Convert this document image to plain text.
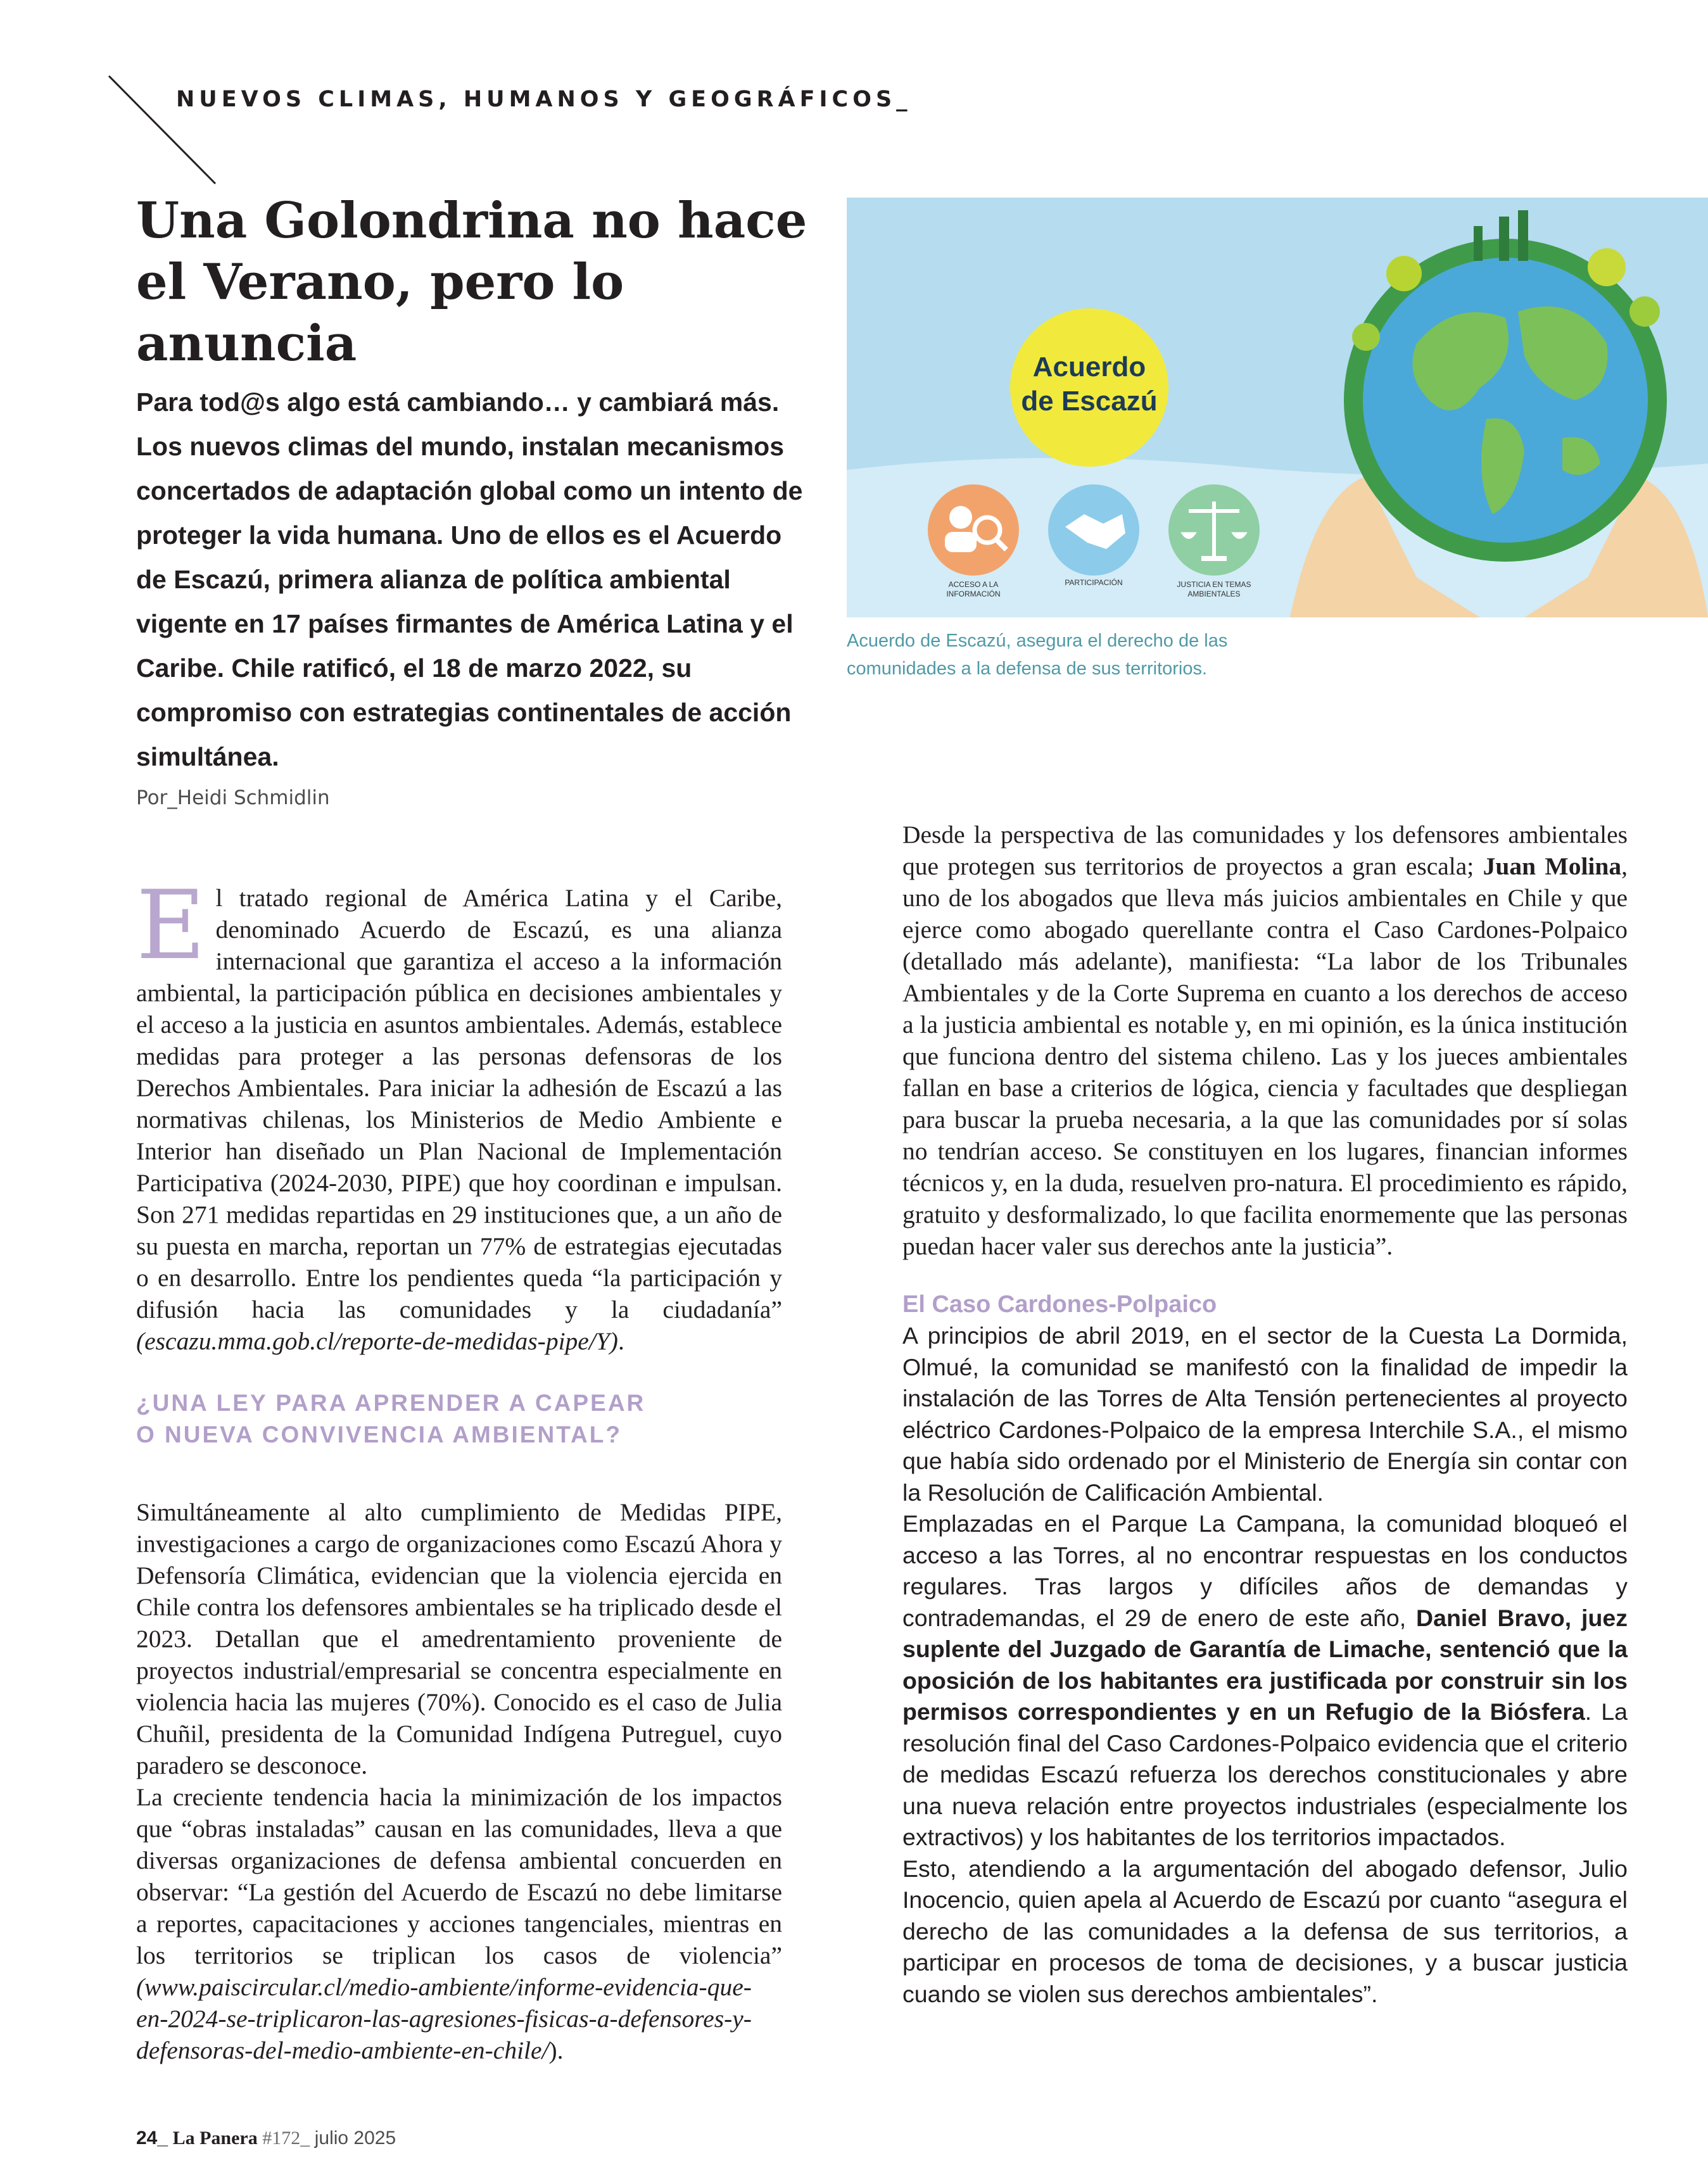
NUEVOS CLIMAS, HUMANOS Y GEOGRÁFICOS_
Una Golondrina no hace el Verano, pero lo anuncia
Para tod@s algo está cambiando… y cambiará más. Los nuevos climas del mundo, instalan mecanismos concertados de adaptación global como un intento de proteger la vida humana. Uno de ellos es el Acuerdo de Escazú, primera alianza de política ambiental vigente en 17 países firmantes de América Latina y el Caribe. Chile ratificó, el 18 de marzo 2022, su compromiso con estrategias continentales de acción simultánea.
Por_Heidi Schmidlin
Acuerdo
de Escazú
ACCESO A LA
INFORMACIÓN
PARTICIPACIÓN	JUSTICIA EN TEMAS
AMBIENTALES
Acuerdo de Escazú, asegura el derecho de las comunidades a la defensa de sus territorios.

El tratado regional de América Latina y el Caribe, denominado Acuerdo de Escazú, es una alianza internacional que garantiza el acceso a la información ambiental, la participación pública en decisiones ambientales y el acceso a la justicia en asuntos ambientales. Además, establece medidas para proteger a las personas defensoras de los Derechos Ambientales. Para iniciar la adhesión de Escazú a las normativas chilenas, los Ministerios de Medio Ambiente e Interior han diseñado un Plan Nacional de Implementación Participativa (2024-2030, PIPE) que hoy coordinan e impulsan. Son 271 medidas repartidas en 29 instituciones que, a un año de su puesta en marcha, reportan un 77% de estrategias ejecutadas o en desarrollo. Entre los pendientes queda “la participación y difusión hacia las comunidades y la ciudadanía” (escazu.mma.gob.cl/reporte-de-medidas-pipe/Y).

¿UNA LEY PARA APRENDER A CAPEAR O NUEVA CONVIVENCIA AMBIENTAL?

Simultáneamente al alto cumplimiento de Medidas PIPE, investigaciones a cargo de organizaciones como Escazú Ahora y Defensoría Climática, evidencian que la violencia ejercida en Chile contra los defensores ambientales se ha triplicado desde el 2023. Detallan que el amedrentamiento proveniente de proyectos industrial/empresarial se concentra especialmente en violencia hacia las mujeres (70%). Conocido es el caso de Julia Chuñil, presidenta de la Comunidad Indígena Putreguel, cuyo paradero se desconoce.

La creciente tendencia hacia la minimización de los impactos que “obras instaladas” causan en las comunidades, lleva a que diversas organizaciones de defensa ambiental concuerden en observar: “La gestión del Acuerdo de Escazú no debe limitarse a reportes, capacitaciones y acciones tangenciales, mientras en los territorios se triplican los casos de violencia” (www.paiscircular.cl/medio-ambiente/informe-evidencia-que-en-2024-se-triplicaron-las-agresiones-fisicas-a-defensores-y-defensoras-del-medio-ambiente-en-chile/).

Desde la perspectiva de las comunidades y los defensores ambientales que protegen sus territorios de proyectos a gran escala; Juan Molina, uno de los abogados que lleva más juicios ambientales en Chile y que ejerce como abogado querellante contra el Caso Cardones-Polpaico (detallado más adelante), manifiesta: “La labor de los Tribunales Ambientales y de la Corte Suprema en cuanto a los derechos de acceso a la justicia ambiental es notable y, en mi opinión, es la única institución que funciona dentro del sistema chileno. Las y los jueces ambientales fallan en base a criterios de lógica, ciencia y facultades que despliegan para buscar la prueba necesaria, a la que las comunidades por sí solas no tendrían acceso. Se constituyen en los lugares, financian informes técnicos y, en la duda, resuelven pro-natura. El procedimiento es rápido, gratuito y desformalizado, lo que facilita enormemente que las personas puedan hacer valer sus derechos ante la justicia”.

El Caso Cardones-Polpaico

A principios de abril 2019, en el sector de la Cuesta La Dormida, Olmué, la comunidad se manifestó con la finalidad de impedir la instalación de las Torres de Alta Tensión pertenecientes al proyecto eléctrico Cardones-Polpaico de la empresa Interchile S.A., el mismo que había sido ordenado por el Ministerio de Energía sin contar con la Resolución de Calificación Ambiental.

Emplazadas en el Parque La Campana, la comunidad bloqueó el acceso a las Torres, al no encontrar respuestas en los conductos regulares. Tras largos y difíciles años de demandas y contrademandas, el 29 de enero de este año, Daniel Bravo, juez suplente del Juzgado de Garantía de Limache, sentenció que la oposición de los habitantes era justificada por construir sin los permisos correspondientes y en un Refugio de la Biósfera. La resolución final del Caso Cardones-Polpaico evidencia que el criterio de medidas Escazú refuerza los derechos constitucionales y abre una nueva relación entre proyectos industriales (especialmente los extractivos) y los habitantes de los territorios impactados.

Esto, atendiendo a la argumentación del abogado defensor, Julio Inocencio, quien apela al Acuerdo de Escazú por cuanto “asegura el derecho de las comunidades a la defensa de sus territorios, a participar en procesos de toma de decisiones, y a buscar justicia cuando se violen sus derechos ambientales”.

24_ La Panera #172_ julio 2025
